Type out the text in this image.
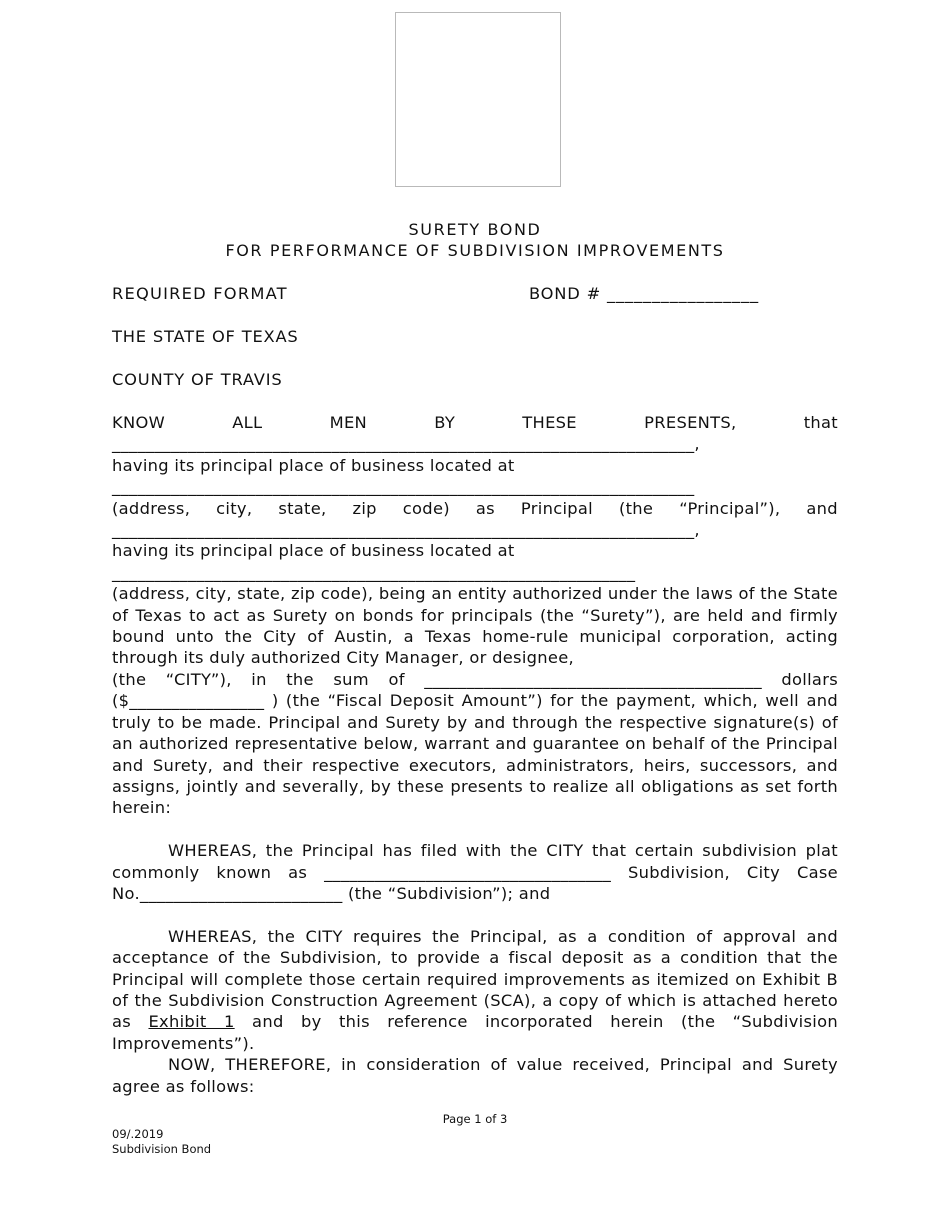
SURETY BOND
FOR PERFORMANCE OF SUBDIVISION IMPROVEMENTS
REQUIRED FORMAT	BOND # _________________
THE STATE OF TEXAS
COUNTY OF TRAVIS
KNOW	ALL	MEN	BY	THESE	PRESENTS,	that
_____________________________________________________________________,
having its principal place of business located at
_____________________________________________________________________
(address, city, state, zip code) as Principal (the “Principal”), and
_____________________________________________________________________,
having its principal place of business located at
______________________________________________________________
(address, city, state, zip code), being an entity authorized under the laws of the State of Texas to act as Surety on bonds for principals (the “Surety”), are held and firmly bound unto the City of Austin, a Texas home-rule municipal corporation, acting through its duly authorized City Manager, or designee,
(the “CITY”), in the sum of ________________________________________ dollars ($________________ ) (the “Fiscal Deposit Amount”) for the payment, which, well and truly to be made. Principal and Surety by and through the respective signature(s) of an authorized representative below, warrant and guarantee on behalf of the Principal and Surety, and their respective executors, administrators, heirs, successors, and assigns, jointly and severally, by these presents to realize all obligations as set forth herein:
WHEREAS, the Principal has filed with the CITY that certain subdivision plat commonly known as __________________________________ Subdivision, City Case No.________________________ (the “Subdivision”); and
WHEREAS, the CITY requires the Principal, as a condition of approval and acceptance of the Subdivision, to provide a fiscal deposit as a condition that the Principal will complete those certain required improvements as itemized on Exhibit B of the Subdivision Construction Agreement (SCA), a copy of which is attached hereto as Exhibit 1 and by this reference incorporated herein (the “Subdivision Improvements”).
NOW, THEREFORE, in consideration of value received, Principal and Surety agree as follows:
Page 1 of 3
09/.2019
Subdivision Bond
